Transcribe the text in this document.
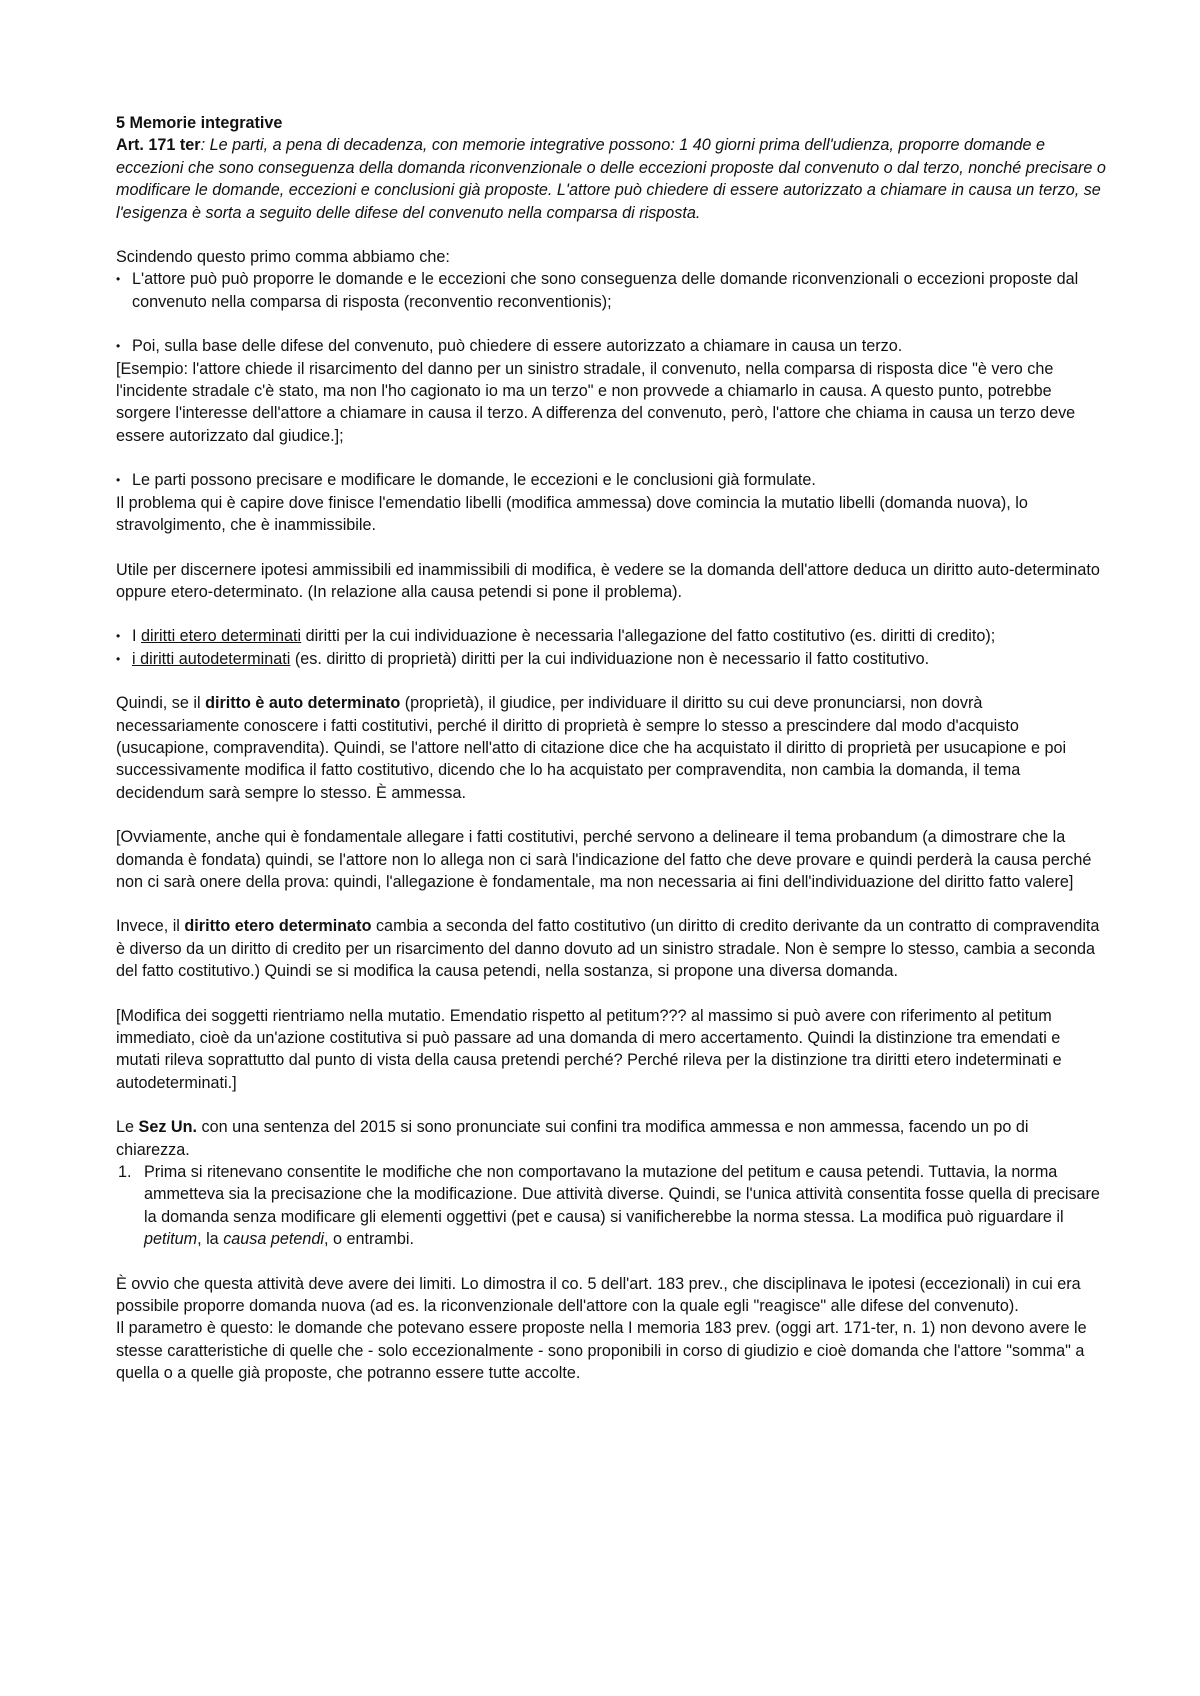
5 Memorie integrative

Art. 171 ter: Le parti, a pena di decadenza, con memorie integrative possono: 1 40 giorni prima dell'udienza, proporre domande e eccezioni che sono conseguenza della domanda riconvenzionale o delle eccezioni proposte dal convenuto o dal terzo, nonché precisare o modificare le domande, eccezioni e conclusioni già proposte. L'attore può chiedere di essere autorizzato a chiamare in causa un terzo, se l'esigenza è sorta a seguito delle difese del convenuto nella comparsa di risposta.

Scindendo questo primo comma abbiamo che:

• L'attore può può proporre le domande e le eccezioni che sono conseguenza delle domande riconvenzionali o eccezioni proposte dal convenuto nella comparsa di risposta (reconventio reconventionis);
• Poi, sulla base delle difese del convenuto, può chiedere di essere autorizzato a chiamare in causa un terzo.

[Esempio: l'attore chiede il risarcimento del danno per un sinistro stradale, il convenuto, nella comparsa di risposta dice "è vero che l'incidente stradale c'è stato, ma non l'ho cagionato io ma un terzo" e non provvede a chiamarlo in causa. A questo punto, potrebbe sorgere l'interesse dell'attore a chiamare in causa il terzo. A differenza del convenuto, però, l'attore che chiama in causa un terzo deve essere autorizzato dal giudice.];

• Le parti possono precisare e modificare le domande, le eccezioni e le conclusioni già formulate.

Il problema qui è capire dove finisce l'emendatio libelli (modifica ammessa) dove comincia la mutatio libelli (domanda nuova), lo stravolgimento, che è inammissibile.

Utile per discernere ipotesi ammissibili ed inammissibili di modifica, è vedere se la domanda dell'attore deduca un diritto auto-determinato oppure etero-determinato. (In relazione alla causa petendi si pone il problema).

• I diritti etero determinati diritti per la cui individuazione è necessaria l'allegazione del fatto costitutivo (es. diritti di credito);
• i diritti autodeterminati (es. diritto di proprietà) diritti per la cui individuazione non è necessario il fatto costitutivo.

Quindi, se il diritto è auto determinato (proprietà), il giudice, per individuare il diritto su cui deve pronunciarsi, non dovrà necessariamente conoscere i fatti costitutivi, perché il diritto di proprietà è sempre lo stesso a prescindere dal modo d'acquisto (usucapione, compravendita). Quindi, se l'attore nell'atto di citazione dice che ha acquistato il diritto di proprietà per usucapione e poi successivamente modifica il fatto costitutivo, dicendo che lo ha acquistato per compravendita, non cambia la domanda, il tema decidendum sarà sempre lo stesso. È ammessa.

[Ovviamente, anche qui è fondamentale allegare i fatti costitutivi, perché servono a delineare il tema probandum (a dimostrare che la domanda è fondata) quindi, se l'attore non lo allega non ci sarà l'indicazione del fatto che deve provare e quindi perderà la causa perché non ci sarà onere della prova: quindi, l'allegazione è fondamentale, ma non necessaria ai fini dell'individuazione del diritto fatto valere]

Invece, il diritto etero determinato cambia a seconda del fatto costitutivo (un diritto di credito derivante da un contratto di compravendita è diverso da un diritto di credito per un risarcimento del danno dovuto ad un sinistro stradale. Non è sempre lo stesso, cambia a seconda del fatto costitutivo.) Quindi se si modifica la causa petendi, nella sostanza, si propone una diversa domanda.

[Modifica dei soggetti rientriamo nella mutatio. Emendatio rispetto al petitum??? al massimo si può avere con riferimento al petitum immediato, cioè da un'azione costitutiva si può passare ad una domanda di mero accertamento. Quindi la distinzione tra emendati e mutati rileva soprattutto dal punto di vista della causa pretendi perché? Perché rileva per la distinzione tra diritti etero indeterminati e autodeterminati.]

Le Sez Un. con una sentenza del 2015 si sono pronunciate sui confini tra modifica ammessa e non ammessa, facendo un po di chiarezza.

1. Prima si ritenevano consentite le modifiche che non comportavano la mutazione del petitum e causa petendi. Tuttavia, la norma ammetteva sia la precisazione che la modificazione. Due attività diverse. Quindi, se l'unica attività consentita fosse quella di precisare la domanda senza modificare gli elementi oggettivi (pet e causa) si vanificherebbe la norma stessa. La modifica può riguardare il petitum, la causa petendi, o entrambi.

È ovvio che questa attività deve avere dei limiti. Lo dimostra il co. 5 dell'art. 183 prev., che disciplinava le ipotesi (eccezionali) in cui era possibile proporre domanda nuova (ad es. la riconvenzionale dell'attore con la quale egli "reagisce" alle difese del convenuto).

Il parametro è questo: le domande che potevano essere proposte nella I memoria 183 prev. (oggi art. 171-ter, n. 1) non devono avere le stesse caratteristiche di quelle che - solo eccezionalmente - sono proponibili in corso di giudizio e cioè domanda che l'attore "somma" a quella o a quelle già proposte, che potranno essere tutte accolte.
